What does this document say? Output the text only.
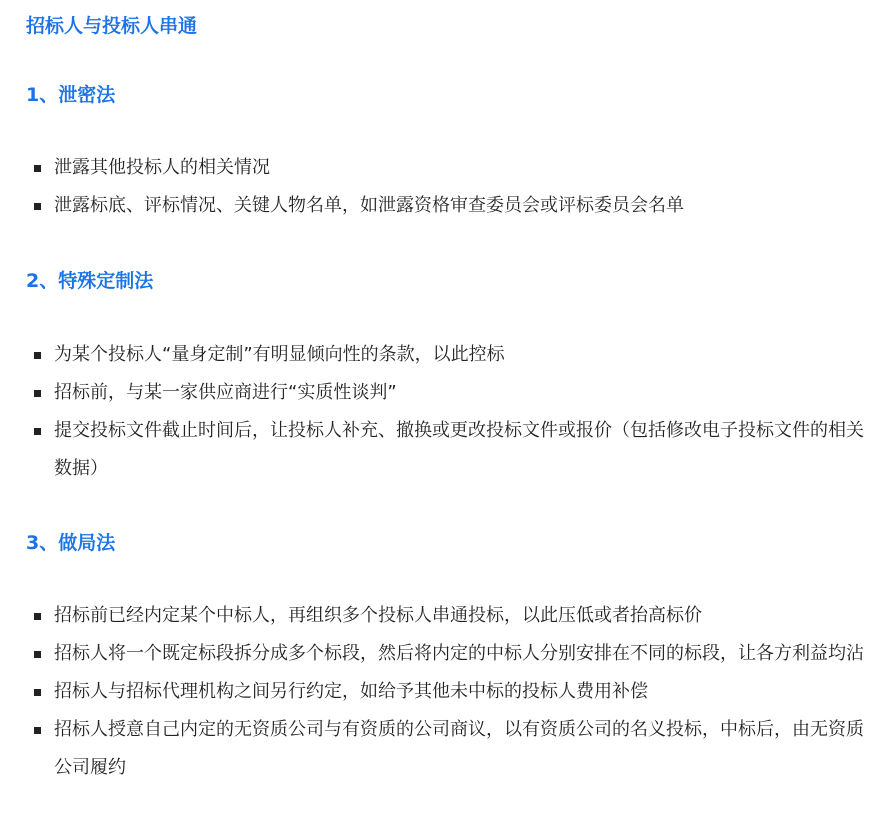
招标人与投标人串通
1、泄密法
泄露其他投标人的相关情况
泄露标底、评标情况、关键人物名单，如泄露资格审查委员会或评标委员会名单
2、特殊定制法
为某个投标人“量身定制”有明显倾向性的条款，以此控标
招标前，与某一家供应商进行“实质性谈判”
提交投标文件截止时间后，让投标人补充、撤换或更改投标文件或报价（包括修改电子投标文件的相关数据）
3、做局法
招标前已经内定某个中标人，再组织多个投标人串通投标，以此压低或者抬高标价
招标人将一个既定标段拆分成多个标段，然后将内定的中标人分别安排在不同的标段，让各方利益均沾
招标人与招标代理机构之间另行约定，如给予其他未中标的投标人费用补偿
招标人授意自己内定的无资质公司与有资质的公司商议，以有资质公司的名义投标，中标后，由无资质公司履约
